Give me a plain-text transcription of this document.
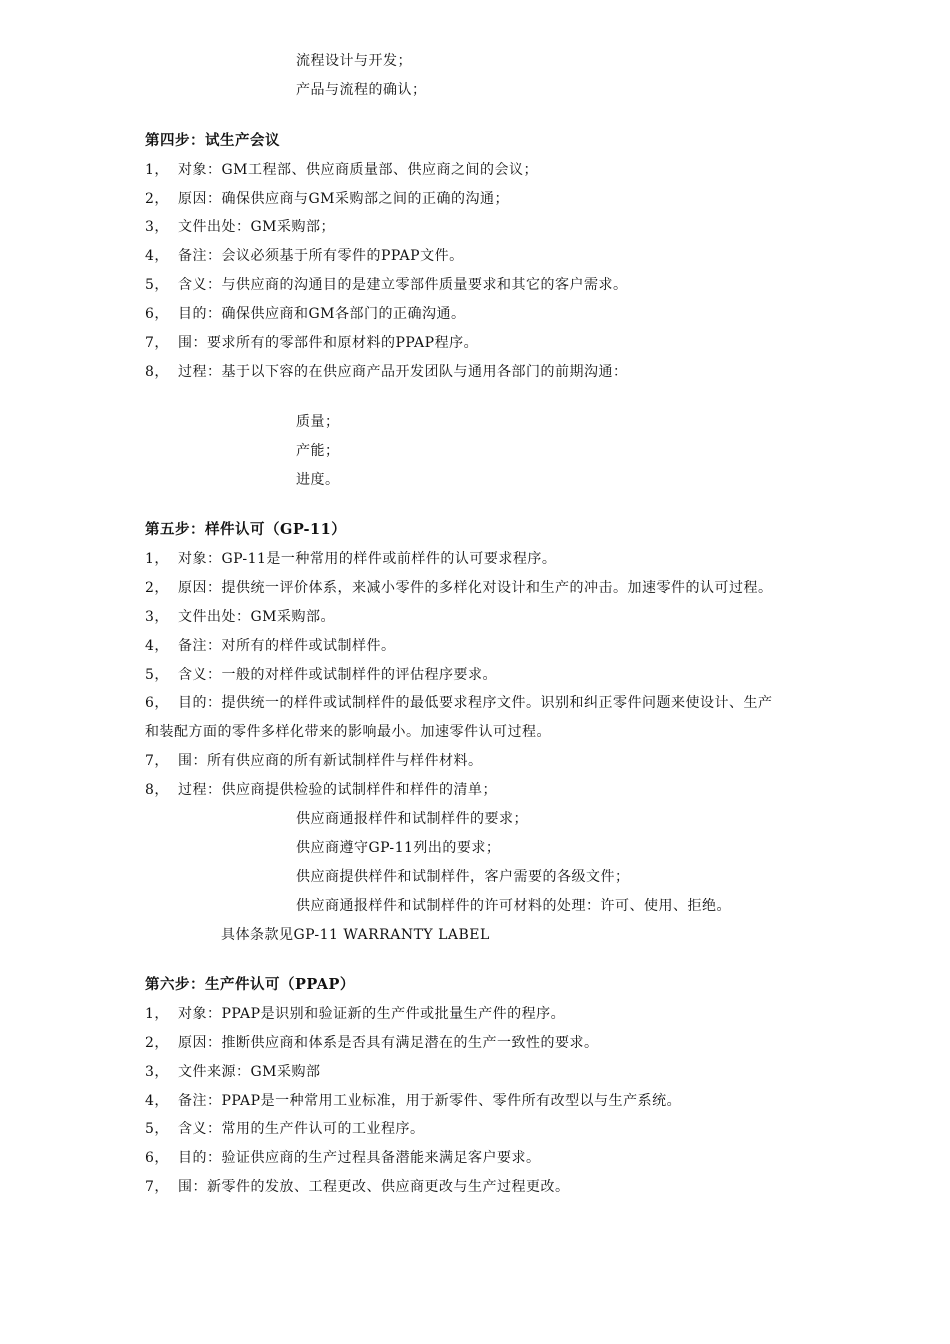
流程设计与开发；
产品与流程的确认；
第四步：试生产会议
1， 对象：GM工程部、供应商质量部、供应商之间的会议；
2， 原因：确保供应商与GM采购部之间的正确的沟通；
3， 文件出处：GM采购部；
4， 备注：会议必须基于所有零件的PPAP文件。
5， 含义：与供应商的沟通目的是建立零部件质量要求和其它的客户需求。
6， 目的：确保供应商和GM各部门的正确沟通。
7， 围：要求所有的零部件和原材料的PPAP程序。
8， 过程：基于以下容的在供应商产品开发团队与通用各部门的前期沟通：
质量；
产能；
进度。
第五步：样件认可（GP-11）
1， 对象：GP-11是一种常用的样件或前样件的认可要求程序。
2， 原因：提供统一评价体系，来减小零件的多样化对设计和生产的冲击。加速零件的认可过程。
3， 文件出处：GM采购部。
4， 备注：对所有的样件或试制样件。
5， 含义：一般的对样件或试制样件的评估程序要求。
6， 目的：提供统一的样件或试制样件的最低要求程序文件。识别和纠正零件问题来使设计、生产
和装配方面的零件多样化带来的影响最小。加速零件认可过程。
7， 围：所有供应商的所有新试制样件与样件材料。
8， 过程：供应商提供检验的试制样件和样件的清单；
供应商通报样件和试制样件的要求；
供应商遵守GP-11列出的要求；
供应商提供样件和试制样件，客户需要的各级文件；
供应商通报样件和试制样件的许可材料的处理：许可、使用、拒绝。
具体条款见GP-11 WARRANTY LABEL
第六步：生产件认可（PPAP）
1， 对象：PPAP是识别和验证新的生产件或批量生产件的程序。
2， 原因：推断供应商和体系是否具有满足潜在的生产一致性的要求。
3， 文件来源：GM采购部
4， 备注：PPAP是一种常用工业标准，用于新零件、零件所有改型以与生产系统。
5， 含义：常用的生产件认可的工业程序。
6， 目的：验证供应商的生产过程具备潜能来满足客户要求。
7， 围：新零件的发放、工程更改、供应商更改与生产过程更改。
